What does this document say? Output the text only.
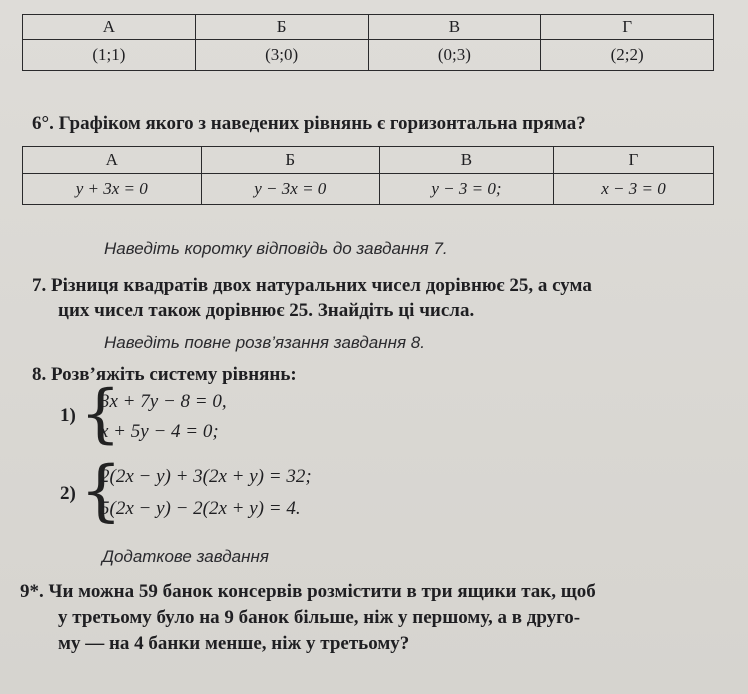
А	Б	В	Г
(1;1)	(3;0)	(0;3)	(2;2)
6°. Графіком якого з наведених рівнянь є горизонтальна пряма?
А	Б	В	Г
y + 3x = 0	y − 3x = 0	y − 3 = 0;	x − 3 = 0
Наведіть коротку відповідь до завдання 7.
7. Різниця квадратів двох натуральних чисел дорівнює 25, а сума
цих чисел також дорівнює 25. Знайдіть ці числа.
Наведіть повне розв’язання завдання 8.
8. Розв’яжіть систему рівнянь:
1) {
3x + 7y − 8 = 0,
x + 5y − 4 = 0;
2) {
2(2x − y) + 3(2x + y) = 32;
5(2x − y) − 2(2x + y) = 4.
Додаткове завдання
9*. Чи можна 59 банок консервів розмістити в три ящики так, щоб
у третьому було на 9 банок більше, ніж у першому, а в друго-
му — на 4 банки менше, ніж у третьому?
